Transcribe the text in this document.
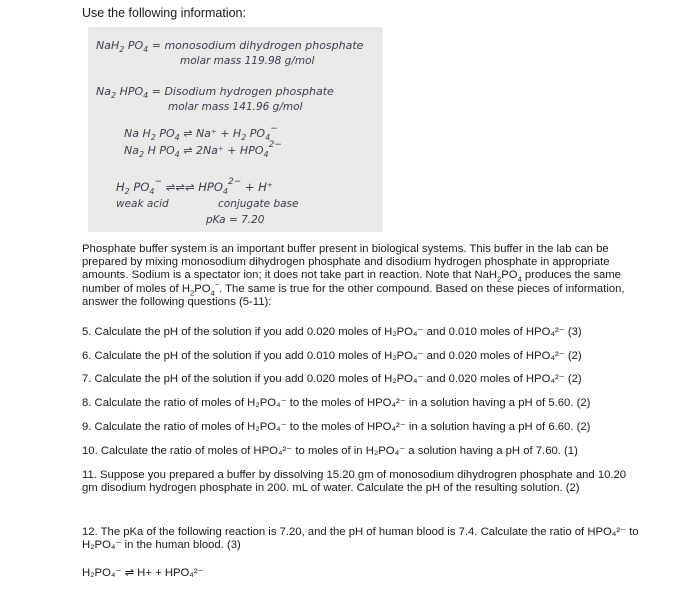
Use the following information:
NaH$_2$ $PO_4$ = monosodium dihydrogen phosphate
molar mass 119.98 g/mol
$Na_2$ $HPO_4$ = Disodium hydrogen phosphate
molar mass 141.96 g/mol
Na $H_2$ $PO_4$ ⇌ $Na^+ + H_2$ $PO_4^-$
$Na_2$ H $PO_4$ ⇌ $2Na^+ + HPO_4^{2-}$
$H_2$ $PO_4^-$ ⇌⇌⇌ $HPO_4^{2-} + H^+$
weak acid	conjugate base
pKa = 7.20
Phosphate buffer system is an important buffer present in biological systems. This buffer in the lab can be prepared by mixing monosodium dihydrogen phosphate and disodium hydrogen phosphate in appropriate amounts. Sodium is a spectator ion; it does not take part in reaction. Note that $NaH_2PO_4$ produces the same number of moles of $H_2PO_4^-$. The same is true for the other compound. Based on these pieces of information, answer the following questions (5-11):
5. Calculate the pH of the solution if you add 0.020 moles of H₂PO₄⁻ and 0.010 moles of HPO₄²⁻ (3)
6. Calculate the pH of the solution if you add 0.010 moles of H₂PO₄⁻ and 0.020 moles of HPO₄²⁻ (2)
7. Calculate the pH of the solution if you add 0.020 moles of H₂PO₄⁻ and 0.020 moles of HPO₄²⁻ (2)
8. Calculate the ratio of moles of H₂PO₄⁻ to the moles of HPO₄²⁻ in a solution having a pH of 5.60. (2)
9. Calculate the ratio of moles of H₂PO₄⁻ to the moles of HPO₄²⁻ in a solution having a pH of 6.60. (2)
10. Calculate the ratio of moles of HPO₄²⁻ to moles of in H₂PO₄⁻ a solution having a pH of 7.60. (1)
11. Suppose you prepared a buffer by dissolving 15.20 gm of monosodium dihydrogren phosphate and 10.20 gm disodium hydrogen phosphate in 200. mL of water. Calculate the pH of the resulting solution. (2)
12. The pKa of the following reaction is 7.20, and the pH of human blood is 7.4. Calculate the ratio of HPO₄²⁻ to H₂PO₄⁻ in the human blood. (3)
H₂PO₄⁻ ⇌ H+ + HPO₄²⁻
